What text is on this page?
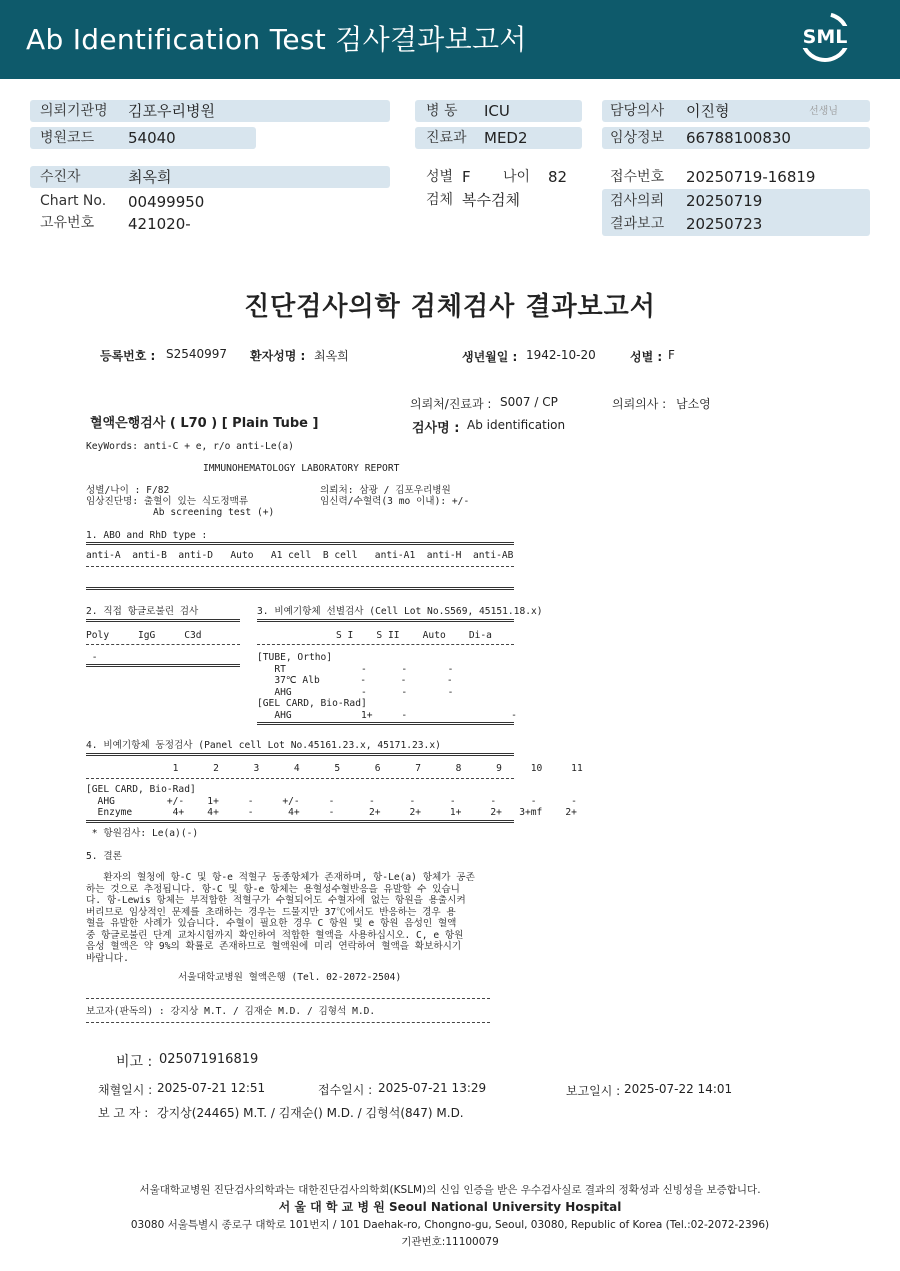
Ab Identification Test 검사결과보고서	SML
의뢰기관명 김포우리병원
병원코드 54040
병 동 ICU
진료과 MED2
담당의사 이진형	선생님
임상정보 66788100830
수진자	최옥희
Chart No. 00499950
고유번호 421020-
성별 F 나이 82
검체 복수검체
접수번호 20250719-16819
검사의뢰 20250719
결과보고 20250723
진단검사의학 검체검사 결과보고서
등록번호 : S2540997 환자성명 : 최옥희	생년월일 : 1942-10-20	성별 : F
의뢰처/진료과 : S007 / CP	의뢰의사 : 남소영
혈액은행검사 ( L70 ) [ Plain Tube ]	검사명 : Ab identification
KeyWords: anti-C + e, r/o anti-Le(a)
IMMUNOHEMATOLOGY LABORATORY REPORT
성별/나이 : F/82	의뢰처: 삼광 / 김포우리병원
임상진단명: 출혈이 있는 식도정맥류	임신력/수혈력(3 mo 이내): +/-
Ab screening test (+)
1. ABO and RhD type :
anti-A  anti-B  anti-D   Auto   A1 cell  B cell   anti-A1  anti-H  anti-AB
2. 직접 항글로불린 검사
Poly     IgG     C3d
-
3. 비예기항체 선별검사 (Cell Lot No.S569, 45151.18.x)
S I    S II    Auto    Di-a
[TUBE, Ortho]
RT             -      -       -
37℃ Alb       -      -       -
AHG            -      -       -
[GEL CARD, Bio-Rad]
AHG            1+     -                  -
4. 비예기항체 동정검사 (Panel cell Lot No.45161.23.x, 45171.23.x)
1      2      3      4      5      6      7      8      9     10     11
[GEL CARD, Bio-Rad]
AHG         +/-    1+     -     +/-     -      -      -      -      -      -      -
Enzyme       4+    4+     -      4+     -      2+     2+     1+     2+   3+mf    2+
* 항원검사: Le(a)(-)
5. 결론
환자의 혈청에 항-C 및 항-e 적혈구 동종항체가 존재하며, 항-Le(a) 항체가 공존
하는 것으로 추정됩니다. 항-C 및 항-e 항체는 용혈성수혈반응을 유발할 수 있습니
다. 항-Lewis 항체는 부적합한 적혈구가 수혈되어도 수혈자에 없는 항원을 용출시켜
버리므로 임상적인 문제를 초래하는 경우는 드물지만 37℃에서도 반응하는 경우 용
혈을 유발한 사례가 있습니다. 수혈이 필요한 경우 C 항원 및 e 항원 음성인 혈액
중 항글로불린 단계 교차시험까지 확인하여 적합한 혈액을 사용하십시오. C, e 항원
음성 혈액은 약 9%의 확률로 존재하므로 혈액원에 미리 연락하여 혈액을 확보하시기
바랍니다.
서울대학교병원 혈액은행 (Tel. 02-2072-2504)
보고자(판독의) : 강지상 M.T. / 김재순 M.D. / 김형석 M.D.
비고 : 025071916819
채혈일시 : 2025-07-21 12:51	접수일시 : 2025-07-21 13:29	보고일시 : 2025-07-22 14:01
보 고 자 : 강지상(24465) M.T. / 김재순() M.D. / 김형석(847) M.D.
서울대학교병원 진단검사의학과는 대한진단검사의학회(KSLM)의 신임 인증을 받은 우수검사실로 결과의 정확성과 신빙성을 보증합니다.
서 울 대 학 교 병 원 Seoul National University Hospital
03080 서울특별시 종로구 대학로 101번지 / 101 Daehak-ro, Chongno-gu, Seoul, 03080, Republic of Korea (Tel.:02-2072-2396)
기관번호:11100079
